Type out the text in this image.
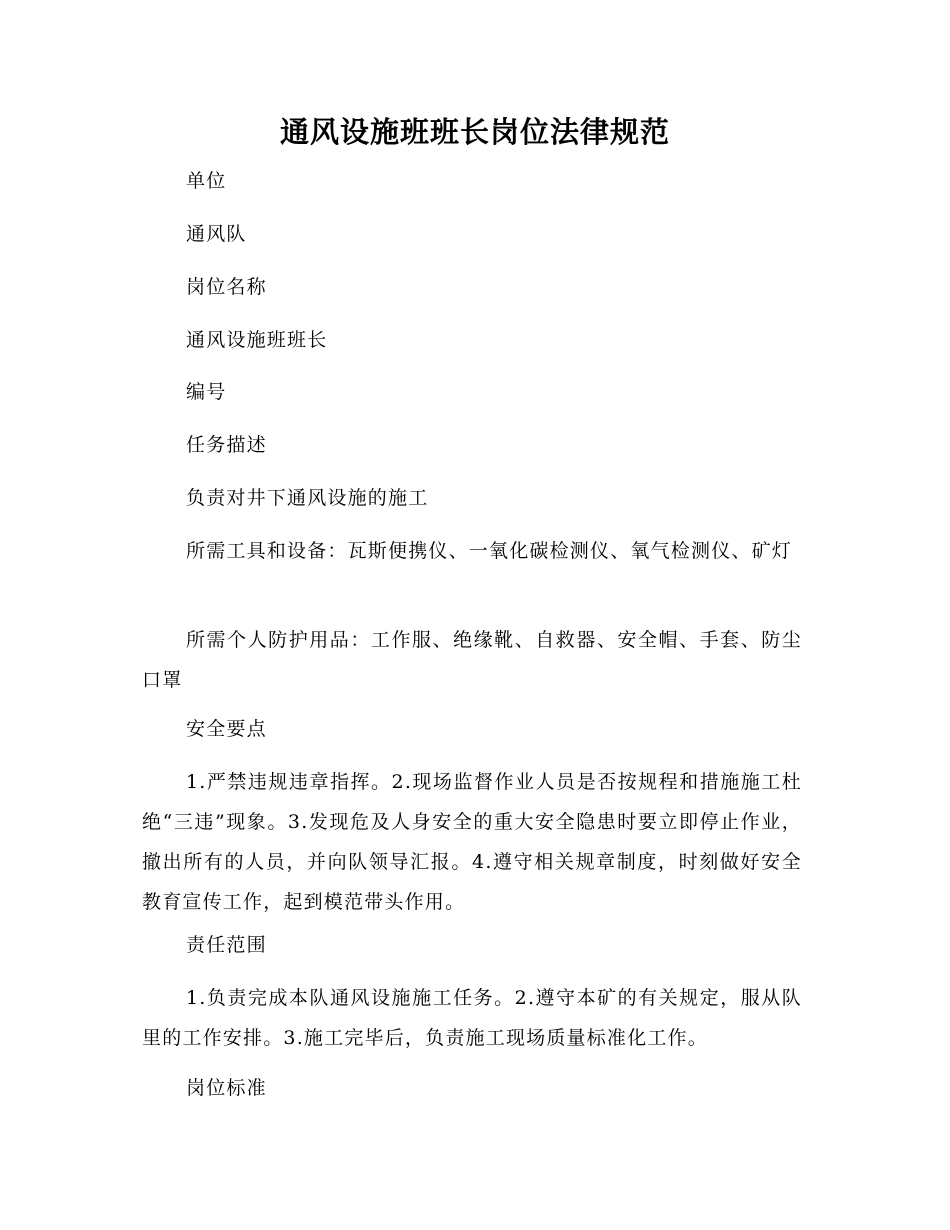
通风设施班班长岗位法律规范

单位

通风队

岗位名称

通风设施班班长

编号

任务描述

负责对井下通风设施的施工

所需工具和设备：瓦斯便携仪、一氧化碳检测仪、氧气检测仪、矿灯

所需个人防护用品：工作服、绝缘靴、自救器、安全帽、手套、防尘口罩

安全要点

1.严禁违规违章指挥。2.现场监督作业人员是否按规程和措施施工杜绝“三违”现象。3.发现危及人身安全的重大安全隐患时要立即停止作业，撤出所有的人员，并向队领导汇报。4.遵守相关规章制度，时刻做好安全教育宣传工作，起到模范带头作用。

责任范围

1.负责完成本队通风设施施工任务。2.遵守本矿的有关规定，服从队里的工作安排。3.施工完毕后，负责施工现场质量标准化工作。

岗位标准
